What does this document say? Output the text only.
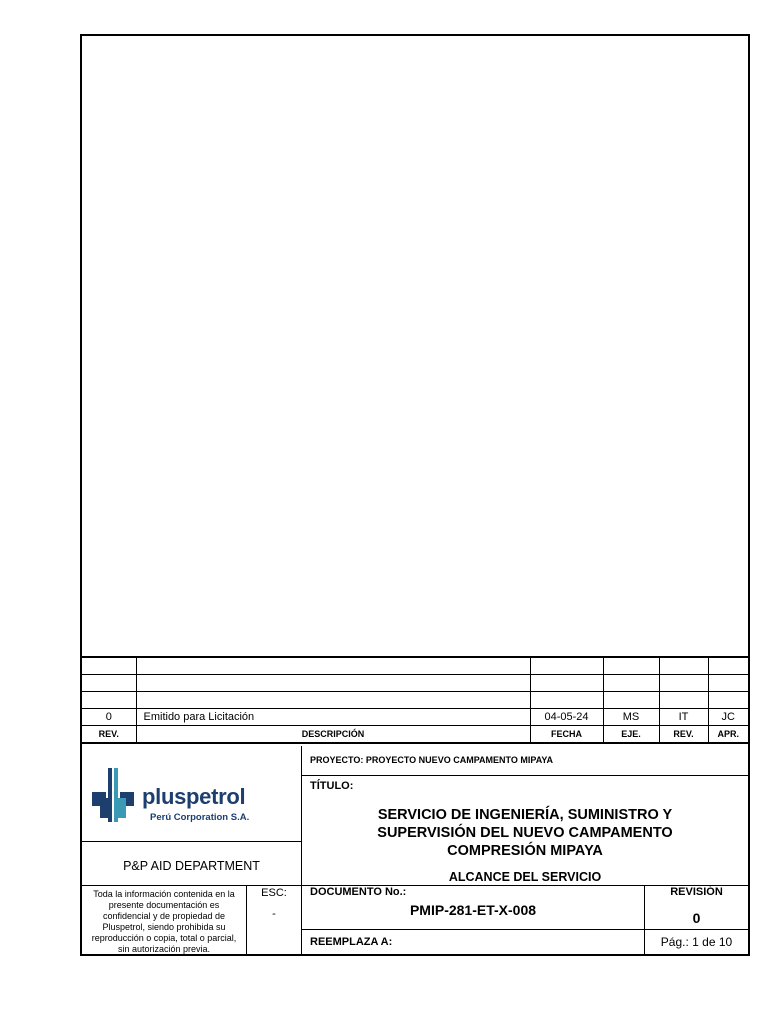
0	Emitido para Licitación	04-05-24	MS	IT	JC
REV.	DESCRIPCIÓN	FECHA	EJE.	REV.	APR.
pluspetrol
Perú Corporation S.A.
P&P AID DEPARTMENT
Toda la información contenida en la presente documentación es confidencial y de propiedad de Pluspetrol, siendo prohibida su reproducción o copia, total o parcial, sin autorización previa.
ESC:
-
PROYECTO: PROYECTO NUEVO CAMPAMENTO MIPAYA
TÍTULO:
SERVICIO DE INGENIERÍA, SUMINISTRO Y
SUPERVISIÓN DEL NUEVO CAMPAMENTO
COMPRESIÓN MIPAYA
ALCANCE DEL SERVICIO
DOCUMENTO No.:
PMIP-281-ET-X-008
REVISIÓN
0
REEMPLAZA A:	Pág.: 1 de 10
